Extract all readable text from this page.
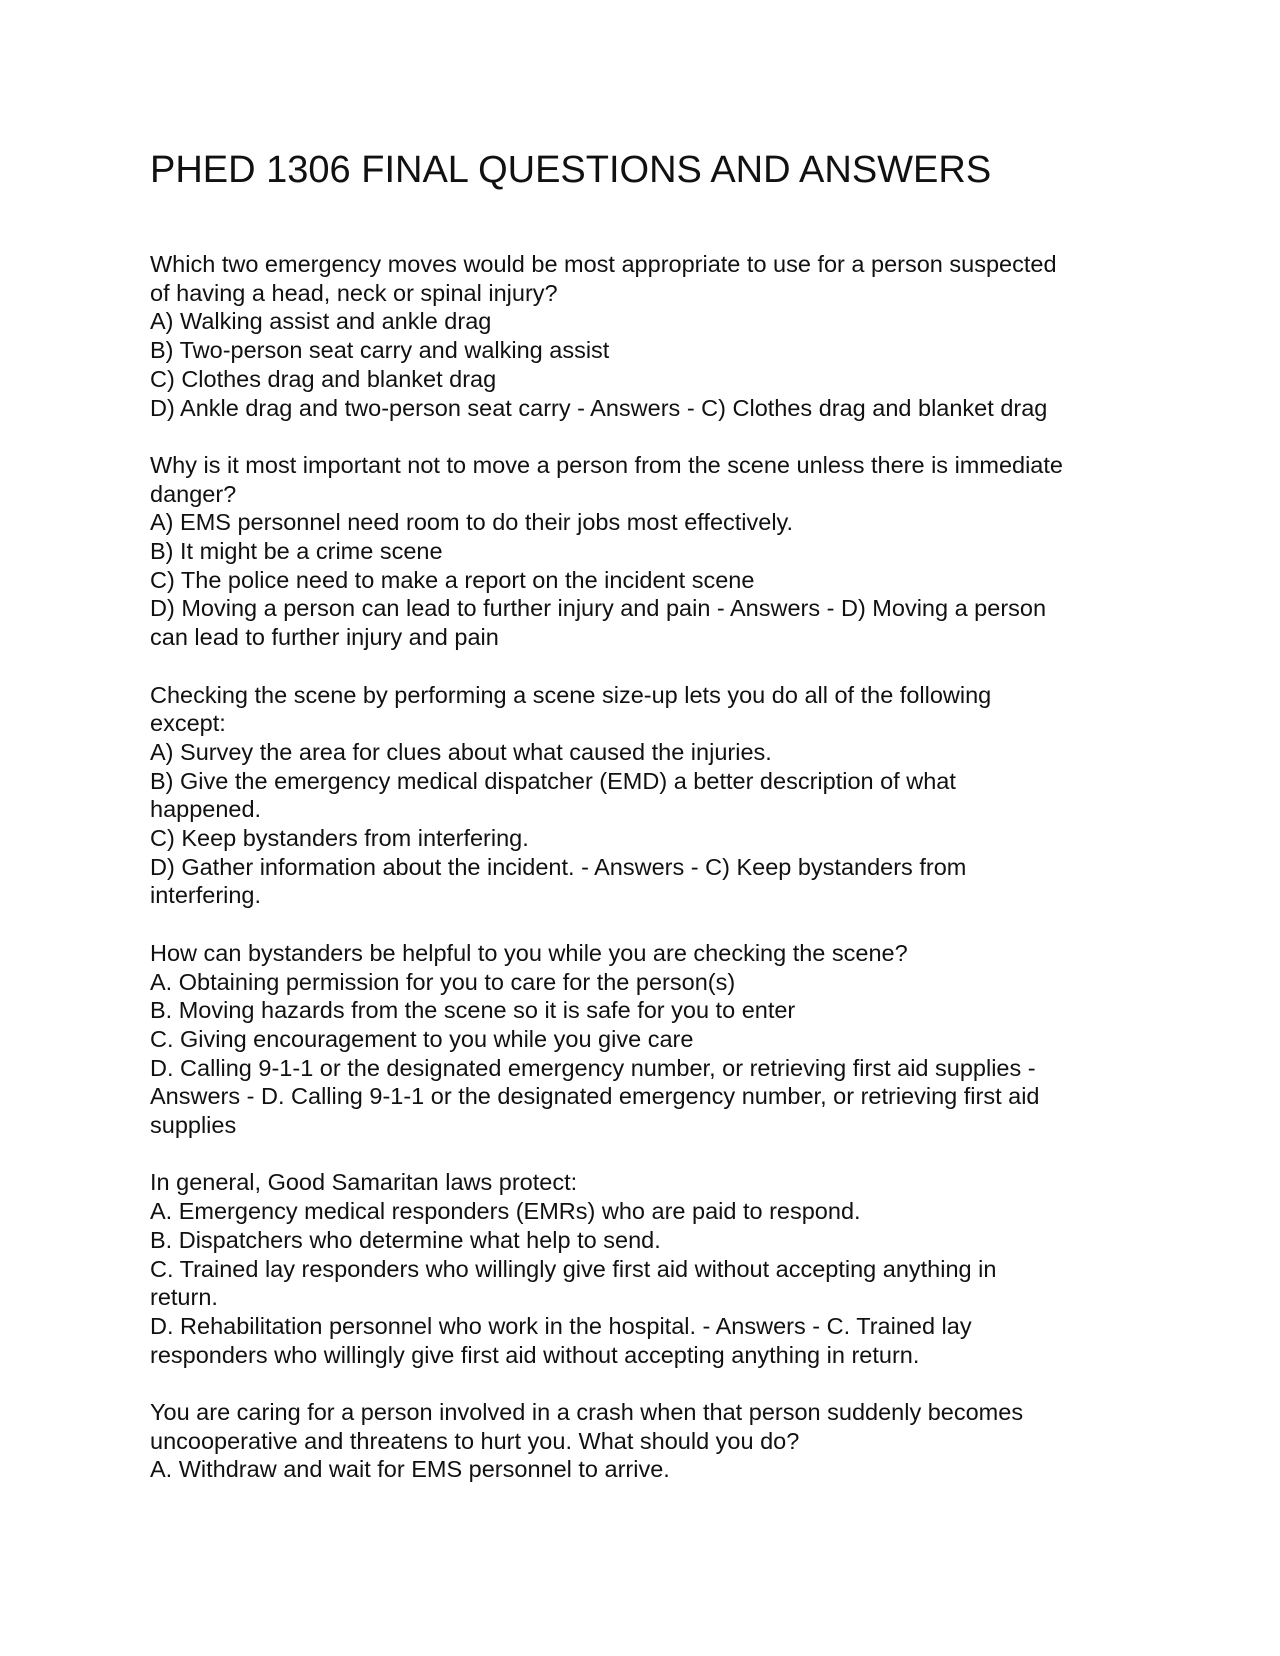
PHED 1306 FINAL QUESTIONS AND ANSWERS
Which two emergency moves would be most appropriate to use for a person suspected
of having a head, neck or spinal injury?
A) Walking assist and ankle drag
B) Two-person seat carry and walking assist
C) Clothes drag and blanket drag
D) Ankle drag and two-person seat carry - Answers - C) Clothes drag and blanket drag
Why is it most important not to move a person from the scene unless there is immediate
danger?
A) EMS personnel need room to do their jobs most effectively.
B) It might be a crime scene
C) The police need to make a report on the incident scene
D) Moving a person can lead to further injury and pain - Answers - D) Moving a person
can lead to further injury and pain
Checking the scene by performing a scene size-up lets you do all of the following
except:
A) Survey the area for clues about what caused the injuries.
B) Give the emergency medical dispatcher (EMD) a better description of what
happened.
C) Keep bystanders from interfering.
D) Gather information about the incident. - Answers - C) Keep bystanders from
interfering.
How can bystanders be helpful to you while you are checking the scene?
A. Obtaining permission for you to care for the person(s)
B. Moving hazards from the scene so it is safe for you to enter
C. Giving encouragement to you while you give care
D. Calling 9-1-1 or the designated emergency number, or retrieving first aid supplies -
Answers - D. Calling 9-1-1 or the designated emergency number, or retrieving first aid
supplies
In general, Good Samaritan laws protect:
A. Emergency medical responders (EMRs) who are paid to respond.
B. Dispatchers who determine what help to send.
C. Trained lay responders who willingly give first aid without accepting anything in
return.
D. Rehabilitation personnel who work in the hospital. - Answers - C. Trained lay
responders who willingly give first aid without accepting anything in return.
You are caring for a person involved in a crash when that person suddenly becomes
uncooperative and threatens to hurt you. What should you do?
A. Withdraw and wait for EMS personnel to arrive.
